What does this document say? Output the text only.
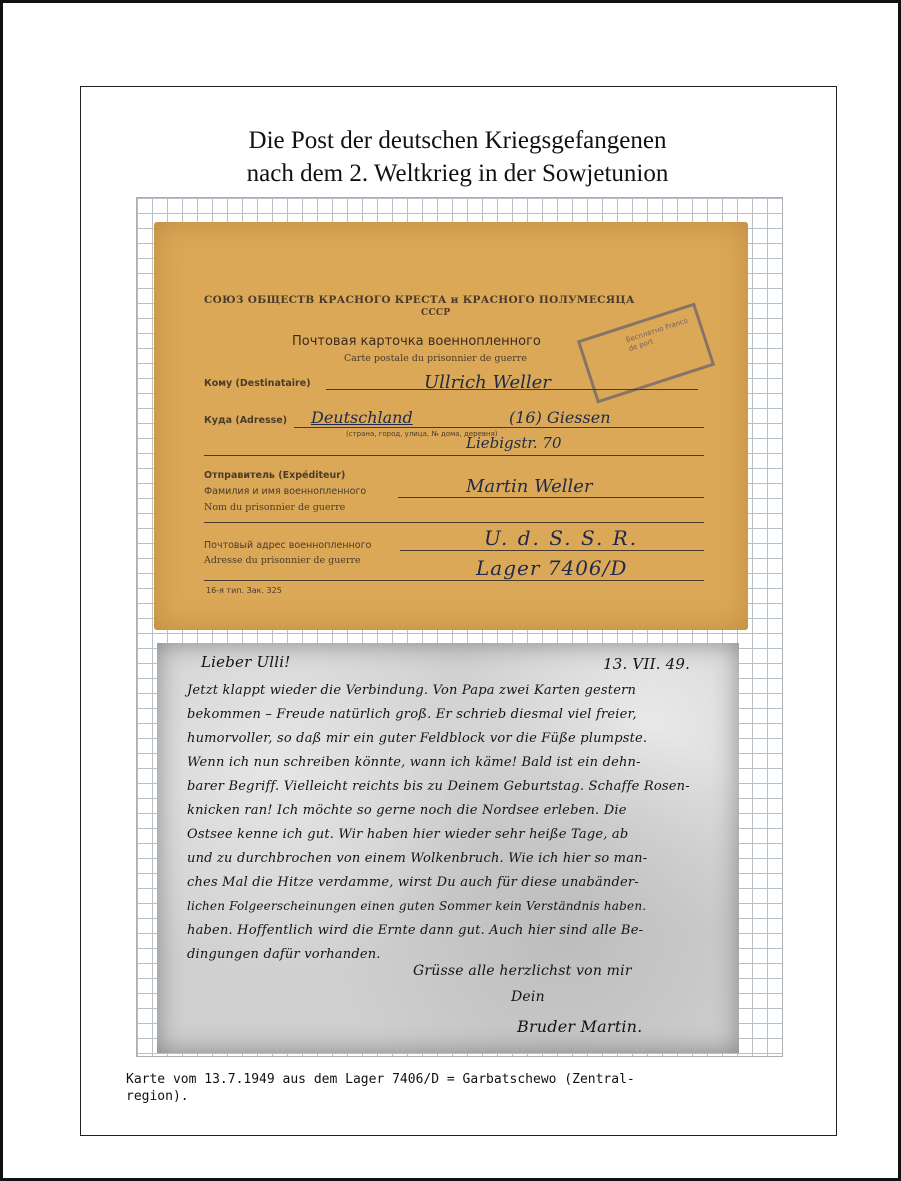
Die Post der deutschen Kriegsgefangenen
nach dem 2. Weltkrieg in der Sowjetunion
СОЮЗ ОБЩЕСТВ КРАСНОГО КРЕСТА и КРАСНОГО ПОЛУМЕСЯЦА
СССР
Почтовая карточка военнопленного
Carte postale du prisonnier de guerre
Бесплатно Franco de port
Кому (Destinataire)	Ullrich Weller
Куда (Adresse) Deutschland	(16) Giessen
(страна, город, улица, № дома, деревня)
Liebigstr. 70
Отправитель (Expéditeur)
Фамилия и имя военнопленного	Martin Weller
Nom du prisonnier de guerre
Почтовый адрес военнопленного	U. d. S. S. R.
Adresse du prisonnier de guerre	Lager 7406/D
16-я тип. Зак. 325
Lieber Ulli!	13. VII. 49.
Jetzt klappt wieder die Verbindung. Von Papa zwei Karten gestern
bekommen – Freude natürlich groß. Er schrieb diesmal viel freier,
humorvoller, so daß mir ein guter Feldblock vor die Füße plumpste.
Wenn ich nun schreiben könnte, wann ich käme! Bald ist ein dehn-
barer Begriff. Vielleicht reichts bis zu Deinem Geburtstag. Schaffe Rosen-
knicken ran! Ich möchte so gerne noch die Nordsee erleben. Die
Ostsee kenne ich gut. Wir haben hier wieder sehr heiße Tage, ab
und zu durchbrochen von einem Wolkenbruch. Wie ich hier so man-
ches Mal die Hitze verdamme, wirst Du auch für diese unabänder-
lichen Folgeerscheinungen einen guten Sommer kein Verständnis haben.
haben. Hoffentlich wird die Ernte dann gut. Auch hier sind alle Be-
dingungen dafür vorhanden.
Grüsse alle herzlichst von mir
Dein
Bruder Martin.
Karte vom 13.7.1949 aus dem Lager 7406/D = Garbatschewo (Zentral-
region).
